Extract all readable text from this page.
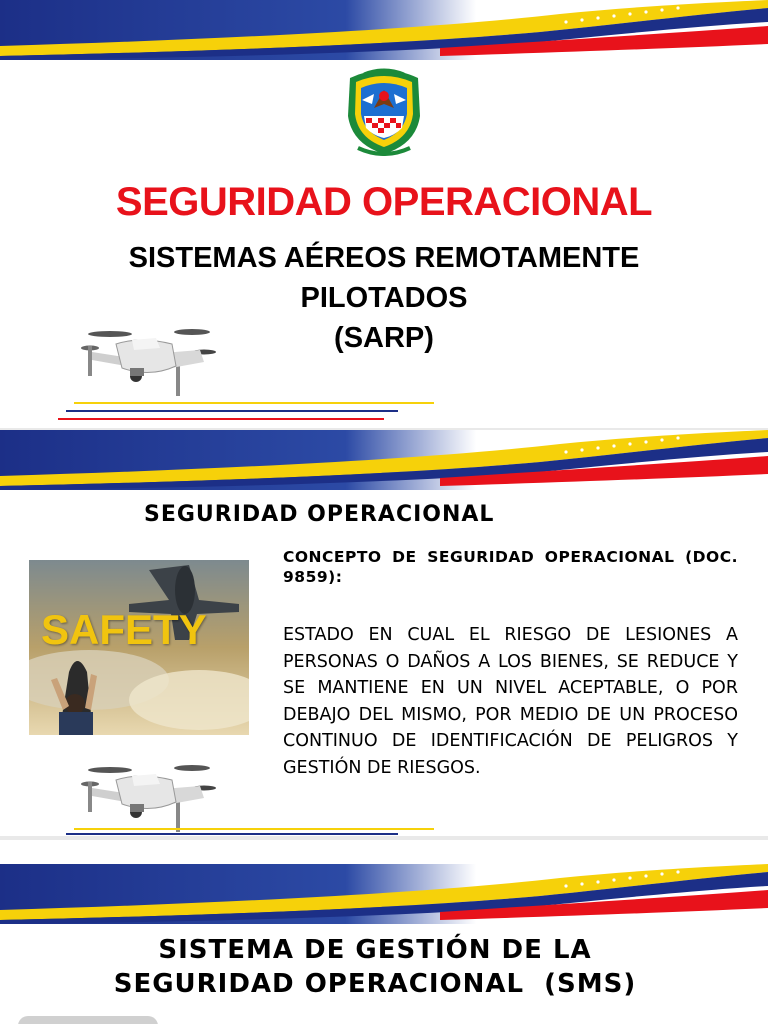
SEGURIDAD OPERACIONAL
SISTEMAS AÉREOS REMOTAMENTE
PILOTADOS
(SARP)
SEGURIDAD OPERACIONAL
SAFETY
CONCEPTO DE SEGURIDAD OPERACIONAL (DOC. 9859):
ESTADO EN CUAL EL RIESGO DE LESIONES A PERSONAS O DAÑOS A LOS BIENES, SE REDUCE Y SE MANTIENE EN UN NIVEL ACEPTABLE, O POR DEBAJO DEL MISMO, POR MEDIO DE UN PROCESO CONTINUO DE IDENTIFICACIÓN DE PELIGROS Y GESTIÓN DE RIESGOS.
SISTEMA DE GESTIÓN DE LA
SEGURIDAD OPERACIONAL  (SMS)
